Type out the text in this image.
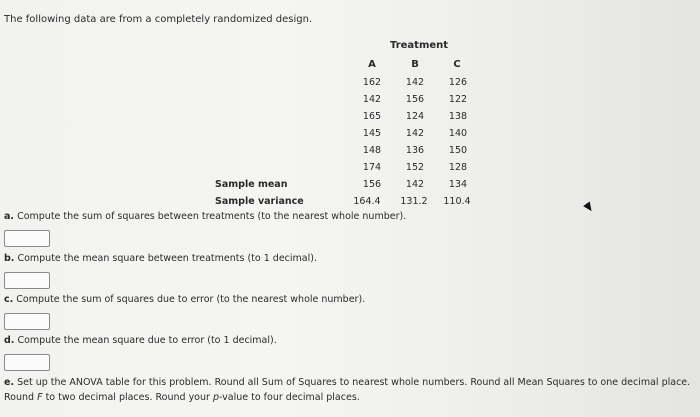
The following data are from a completely randomized design.
Treatment
A	B	C
162	142	126
142	156	122
165	124	138
145	142	140
148	136	150
174	152	128
Sample mean	156	142	134
Sample variance	164.4	131.2	110.4
a. Compute the sum of squares between treatments (to the nearest whole number).
b. Compute the mean square between treatments (to 1 decimal).
c. Compute the sum of squares due to error (to the nearest whole number).
d. Compute the mean square due to error (to 1 decimal).
e. Set up the ANOVA table for this problem. Round all Sum of Squares to nearest whole numbers. Round all Mean Squares to one decimal place.
Round F to two decimal places. Round your p-value to four decimal places.
